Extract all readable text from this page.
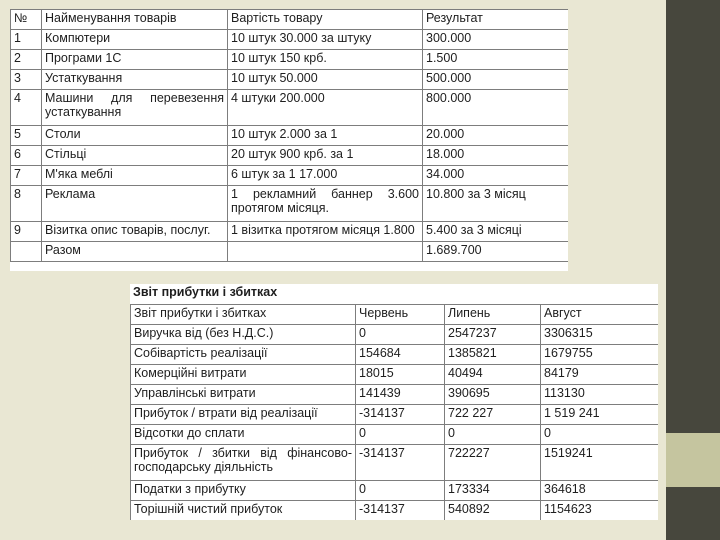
№	Найменування товарів	Вартість товару	Результат
1	Компютери	10 штук 30.000 за штуку	300.000
2	Програми 1С	10 штук 150 крб.	1.500
3	Устаткування	10 штук 50.000	500.000
4	Машини для перевезення устаткування	4 штуки 200.000	800.000
5	Столи	10 штук 2.000 за 1	20.000
6	Стільці	20 штук 900 крб. за 1	18.000
7	М'яка меблі	6 штук за 1 17.000	34.000
8	Реклама	1 рекламний баннер 3.600 протягом місяця.	10.800 за 3 місяц
9	Візитка опис товарів, послуг.	1 візитка протягом місяця 1.800	5.400 за 3 місяці
	Разом		1.689.700
Звіт прибутки і збитках
Звіт прибутки і збитках	Червень	Липень	Август
Виручка від (без Н.Д.С.)	0	2547237	3306315
Собівартість реалізації	154684	1385821	1679755
Комерційні витрати	18015	40494	84179
Управлінські витрати	141439	390695	113130
Прибуток / втрати від реалізації	-314137	722 227	1 519 241
Відсотки до сплати	0	0	0
Прибуток / збитки від фінансово-господарську діяльність	-314137	722227	1519241
Податки з прибутку	0	173334	364618
Торішній чистий прибуток	-314137	540892	1154623
